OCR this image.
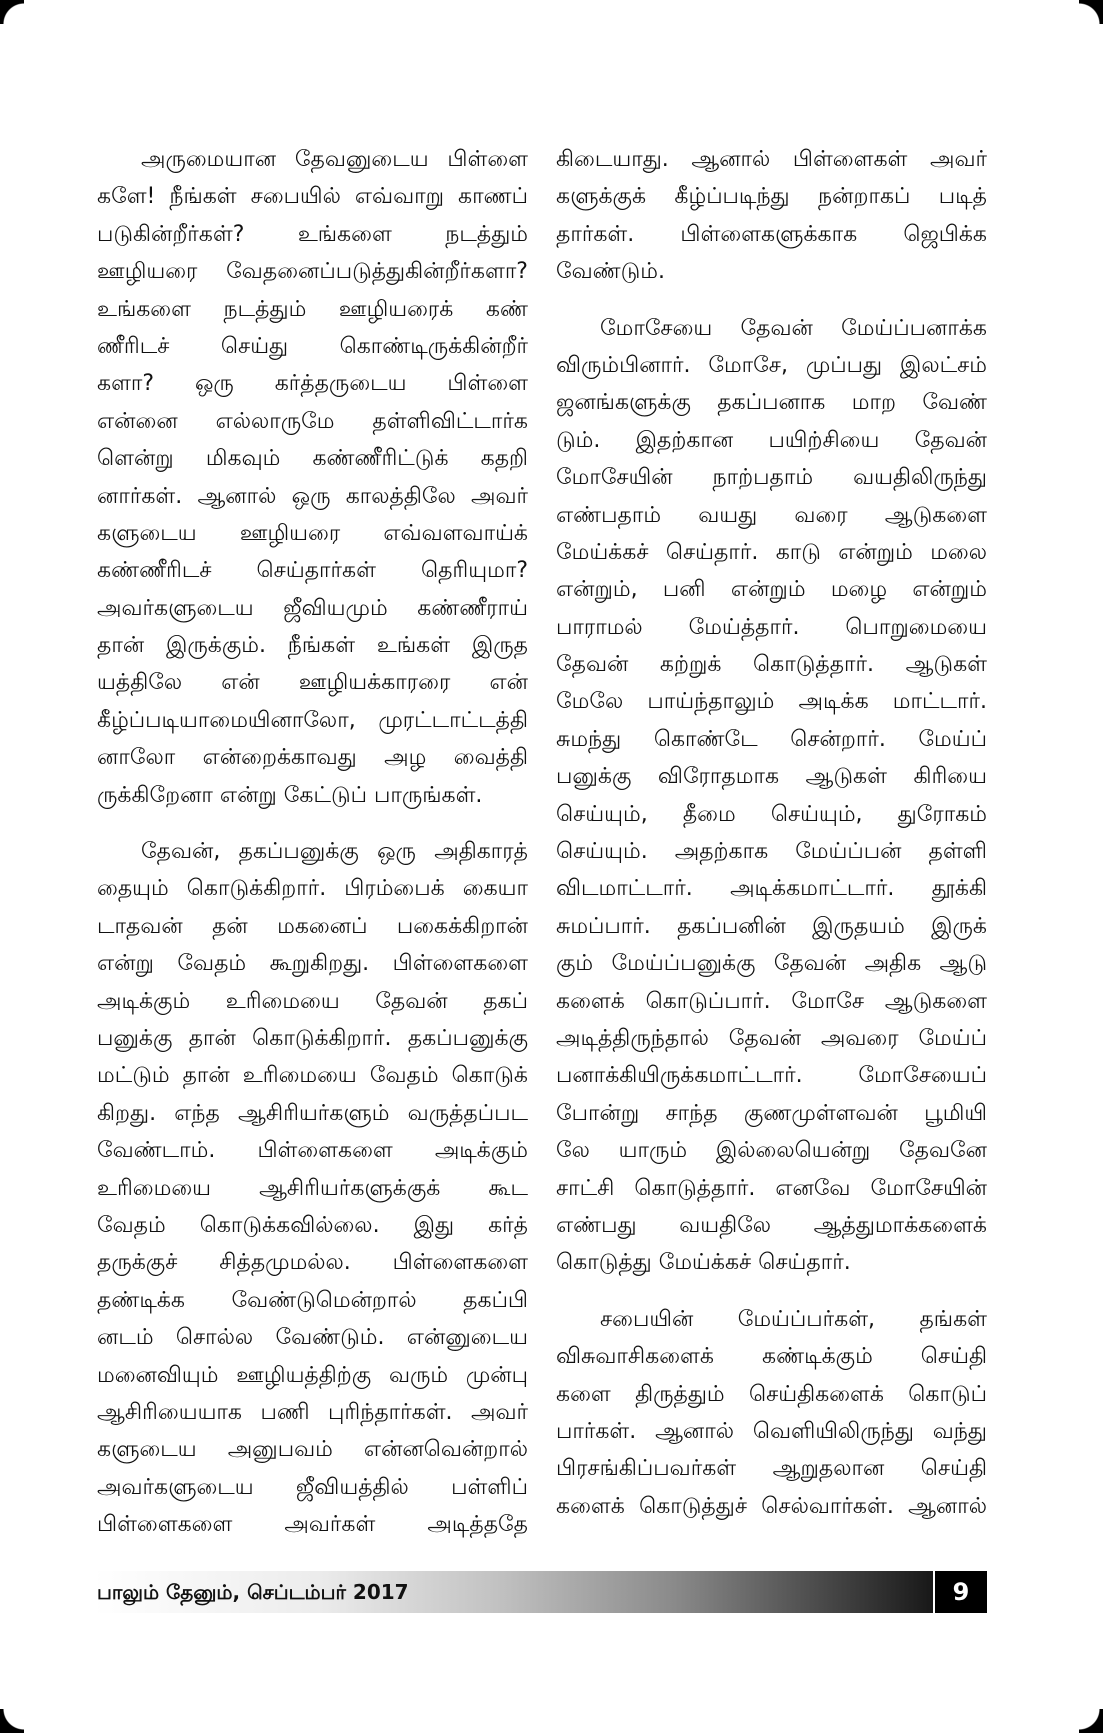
அருமையான தேவனுடைய பிள்ளை
களே! நீங்கள் சபையில் எவ்வாறு காணப்
படுகின்றீர்கள்? உங்களை நடத்தும்
ஊழியரை வேதனைப்படுத்துகின்றீர்களா?
உங்களை நடத்தும் ஊழியரைக் கண்
ணீரிடச் செய்து கொண்டிருக்கின்றீர்
களா? ஒரு கர்த்தருடைய பிள்ளை
என்னை எல்லாருமே தள்ளிவிட்டார்க
ளென்று மிகவும் கண்ணீரிட்டுக் கதறி
னார்கள். ஆனால் ஒரு காலத்திலே அவர்
களுடைய ஊழியரை எவ்வளவாய்க்
கண்ணீரிடச் செய்தார்கள் தெரியுமா?
அவர்களுடைய ஜீவியமும் கண்ணீராய்
தான் இருக்கும். நீங்கள் உங்கள் இருத
யத்திலே என் ஊழியக்காரரை என்
கீழ்ப்படியாமையினாலோ, முரட்டாட்டத்தி
னாலோ என்றைக்காவது அழ வைத்தி
ருக்கிறேனா என்று கேட்டுப் பாருங்கள்.
தேவன், தகப்பனுக்கு ஒரு அதிகாரத்
தையும் கொடுக்கிறார். பிரம்பைக் கையா
டாதவன் தன் மகனைப் பகைக்கிறான்
என்று வேதம் கூறுகிறது. பிள்ளைகளை
அடிக்கும் உரிமையை தேவன் தகப்
பனுக்கு தான் கொடுக்கிறார். தகப்பனுக்கு
மட்டும் தான் உரிமையை வேதம் கொடுக்
கிறது. எந்த ஆசிரியர்களும் வருத்தப்பட
வேண்டாம். பிள்ளைகளை அடிக்கும்
உரிமையை ஆசிரியர்களுக்குக் கூட
வேதம் கொடுக்கவில்லை. இது கர்த்
தருக்குச் சித்தமுமல்ல. பிள்ளைகளை
தண்டிக்க வேண்டுமென்றால் தகப்பி
னடம் சொல்ல வேண்டும். என்னுடைய
மனைவியும் ஊழியத்திற்கு வரும் முன்பு
ஆசிரியையாக பணி புரிந்தார்கள். அவர்
களுடைய அனுபவம் என்னவென்றால்
அவர்களுடைய ஜீவியத்தில் பள்ளிப்
பிள்ளைகளை அவர்கள் அடித்ததே
கிடையாது. ஆனால் பிள்ளைகள் அவர்
களுக்குக் கீழ்ப்படிந்து நன்றாகப் படித்
தார்கள். பிள்ளைகளுக்காக ஜெபிக்க
வேண்டும்.
மோசேயை தேவன் மேய்ப்பனாக்க
விரும்பினார். மோசே, முப்பது இலட்சம்
ஜனங்களுக்கு தகப்பனாக மாற வேண்
டும். இதற்கான பயிற்சியை தேவன்
மோசேயின் நாற்பதாம் வயதிலிருந்து
எண்பதாம் வயது வரை ஆடுகளை
மேய்க்கச் செய்தார். காடு என்றும் மலை
என்றும், பனி என்றும் மழை என்றும்
பாராமல் மேய்த்தார். பொறுமையை
தேவன் கற்றுக் கொடுத்தார். ஆடுகள்
மேலே பாய்ந்தாலும் அடிக்க மாட்டார்.
சுமந்து கொண்டே சென்றார். மேய்ப்
பனுக்கு விரோதமாக ஆடுகள் கிரியை
செய்யும், தீமை செய்யும், துரோகம்
செய்யும். அதற்காக மேய்ப்பன் தள்ளி
விடமாட்டார். அடிக்கமாட்டார். தூக்கி
சுமப்பார். தகப்பனின் இருதயம் இருக்
கும் மேய்ப்பனுக்கு தேவன் அதிக ஆடு
களைக் கொடுப்பார். மோசே ஆடுகளை
அடித்திருந்தால் தேவன் அவரை மேய்ப்
பனாக்கியிருக்கமாட்டார். மோசேயைப்
போன்று சாந்த குணமுள்ளவன் பூமியி
லே யாரும் இல்லையென்று தேவனே
சாட்சி கொடுத்தார். எனவே மோசேயின்
எண்பது வயதிலே ஆத்துமாக்களைக்
கொடுத்து மேய்க்கச் செய்தார்.
சபையின் மேய்ப்பர்கள், தங்கள்
விசுவாசிகளைக் கண்டிக்கும் செய்தி
களை திருத்தும் செய்திகளைக் கொடுப்
பார்கள். ஆனால் வெளியிலிருந்து வந்து
பிரசங்கிப்பவர்கள் ஆறுதலான செய்தி
களைக் கொடுத்துச் செல்வார்கள். ஆனால்
பாலும் தேனும், செப்டம்பர் 2017	9
